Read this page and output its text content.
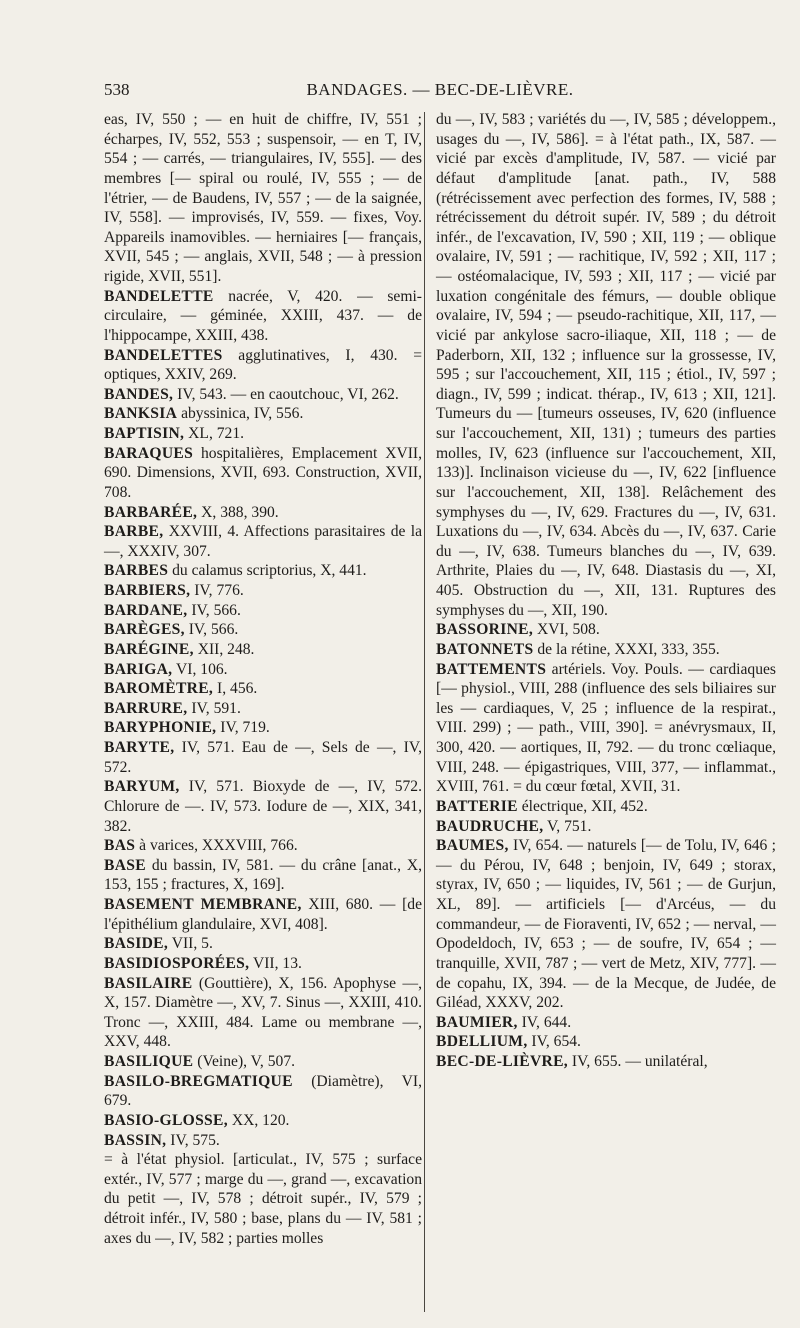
538	BANDAGES. — BEC-DE-LIÈVRE.

eas, IV, 550 ; — en huit de chiffre, IV, 551 ; écharpes, IV, 552, 553 ; suspensoir, — en T, IV, 554 ; — carrés, — triangulaires, IV, 555]. — des membres [— spiral ou roulé, IV, 555 ; — de l'étrier, — de Baudens, IV, 557 ; — de la saignée, IV, 558]. — improvisés, IV, 559. — fixes, Voy. Appareils inamovibles. — herniaires [— français, XVII, 545 ; — anglais, XVII, 548 ; — à pression rigide, XVII, 551].

BANDELETTE nacrée, V, 420. — semi-circulaire, — géminée, XXIII, 437. — de l'hippocampe, XXIII, 438.

BANDELETTES agglutinatives, I, 430. = optiques, XXIV, 269.

BANDES, IV, 543. — en caoutchouc, VI, 262.

BANKSIA abyssinica, IV, 556.

BAPTISIN, XL, 721.

BARAQUES hospitalières, Emplacement XVII, 690. Dimensions, XVII, 693. Construction, XVII, 708.

BARBARÉE, X, 388, 390.

BARBE, XXVIII, 4. Affections parasitaires de la —, XXXIV, 307.

BARBES du calamus scriptorius, X, 441.

BARBIERS, IV, 776.

BARDANE, IV, 566.

BARÈGES, IV, 566.

BARÉGINE, XII, 248.

BARIGA, VI, 106.

BAROMÈTRE, I, 456.

BARRURE, IV, 591.

BARYPHONIE, IV, 719.

BARYTE, IV, 571. Eau de —, Sels de —, IV, 572.

BARYUM, IV, 571. Bioxyde de —, IV, 572. Chlorure de —. IV, 573. Iodure de —, XIX, 341, 382.

BAS à varices, XXXVIII, 766.

BASE du bassin, IV, 581. — du crâne [anat., X, 153, 155 ; fractures, X, 169].

BASEMENT MEMBRANE, XIII, 680. — [de l'épithélium glandulaire, XVI, 408].

BASIDE, VII, 5.

BASIDIOSPORÉES, VII, 13.

BASILAIRE (Gouttière), X, 156. Apophyse —, X, 157. Diamètre —, XV, 7. Sinus —, XXIII, 410. Tronc —, XXIII, 484. Lame ou membrane —, XXV, 448.

BASILIQUE (Veine), V, 507.

BASILO-BREGMATIQUE (Diamètre), VI, 679.

BASIO-GLOSSE, XX, 120.

BASSIN, IV, 575.

= à l'état physiol. [articulat., IV, 575 ; surface extér., IV, 577 ; marge du —, grand —, excavation du petit —, IV, 578 ; détroit supér., IV, 579 ; détroit infér., IV, 580 ; base, plans du — IV, 581 ; axes du —, IV, 582 ; parties molles

du —, IV, 583 ; variétés du —, IV, 585 ; développem., usages du —, IV, 586]. = à l'état path., IX, 587. — vicié par excès d'amplitude, IV, 587. — vicié par défaut d'amplitude [anat. path., IV, 588 (rétrécissement avec perfection des formes, IV, 588 ; rétrécissement du détroit supér. IV, 589 ; du détroit infér., de l'excavation, IV, 590 ; XII, 119 ; — oblique ovalaire, IV, 591 ; — rachitique, IV, 592 ; XII, 117 ; — ostéomalacique, IV, 593 ; XII, 117 ; — vicié par luxation congénitale des fémurs, — double oblique ovalaire, IV, 594 ; — pseudo-rachitique, XII, 117, — vicié par ankylose sacro-iliaque, XII, 118 ; — de Paderborn, XII, 132 ; influence sur la grossesse, IV, 595 ; sur l'accouchement, XII, 115 ; étiol., IV, 597 ; diagn., IV, 599 ; indicat. thérap., IV, 613 ; XII, 121]. Tumeurs du — [tumeurs osseuses, IV, 620 (influence sur l'accouchement, XII, 131) ; tumeurs des parties molles, IV, 623 (influence sur l'accouchement, XII, 133)]. Inclinaison vicieuse du —, IV, 622 [influence sur l'accouchement, XII, 138]. Relâchement des symphyses du —, IV, 629. Fractures du —, IV, 631. Luxations du —, IV, 634. Abcès du —, IV, 637. Carie du —, IV, 638. Tumeurs blanches du —, IV, 639. Arthrite, Plaies du —, IV, 648. Diastasis du —, XI, 405. Obstruction du —, XII, 131. Ruptures des symphyses du —, XII, 190.

BASSORINE, XVI, 508.

BATONNETS de la rétine, XXXI, 333, 355.

BATTEMENTS artériels. Voy. Pouls. — cardiaques [— physiol., VIII, 288 (influence des sels biliaires sur les — cardiaques, V, 25 ; influence de la respirat., VIII. 299) ; — path., VIII, 390]. = anévrysmaux, II, 300, 420. — aortiques, II, 792. — du tronc cœliaque, VIII, 248. — épigastriques, VIII, 377, — inflammat., XVIII, 761. = du cœur fœtal, XVII, 31.

BATTERIE électrique, XII, 452.

BAUDRUCHE, V, 751.

BAUMES, IV, 654. — naturels [— de Tolu, IV, 646 ; — du Pérou, IV, 648 ; benjoin, IV, 649 ; storax, styrax, IV, 650 ; — liquides, IV, 561 ; — de Gurjun, XL, 89]. — artificiels [— d'Arcéus, — du commandeur, — de Fioraventi, IV, 652 ; — nerval, — Opodeldoch, IV, 653 ; — de soufre, IV, 654 ; — tranquille, XVII, 787 ; — vert de Metz, XIV, 777]. — de copahu, IX, 394. — de la Mecque, de Judée, de Giléad, XXXV, 202.

BAUMIER, IV, 644.

BDELLIUM, IV, 654.

BEC-DE-LIÈVRE, IV, 655. — unilatéral,
